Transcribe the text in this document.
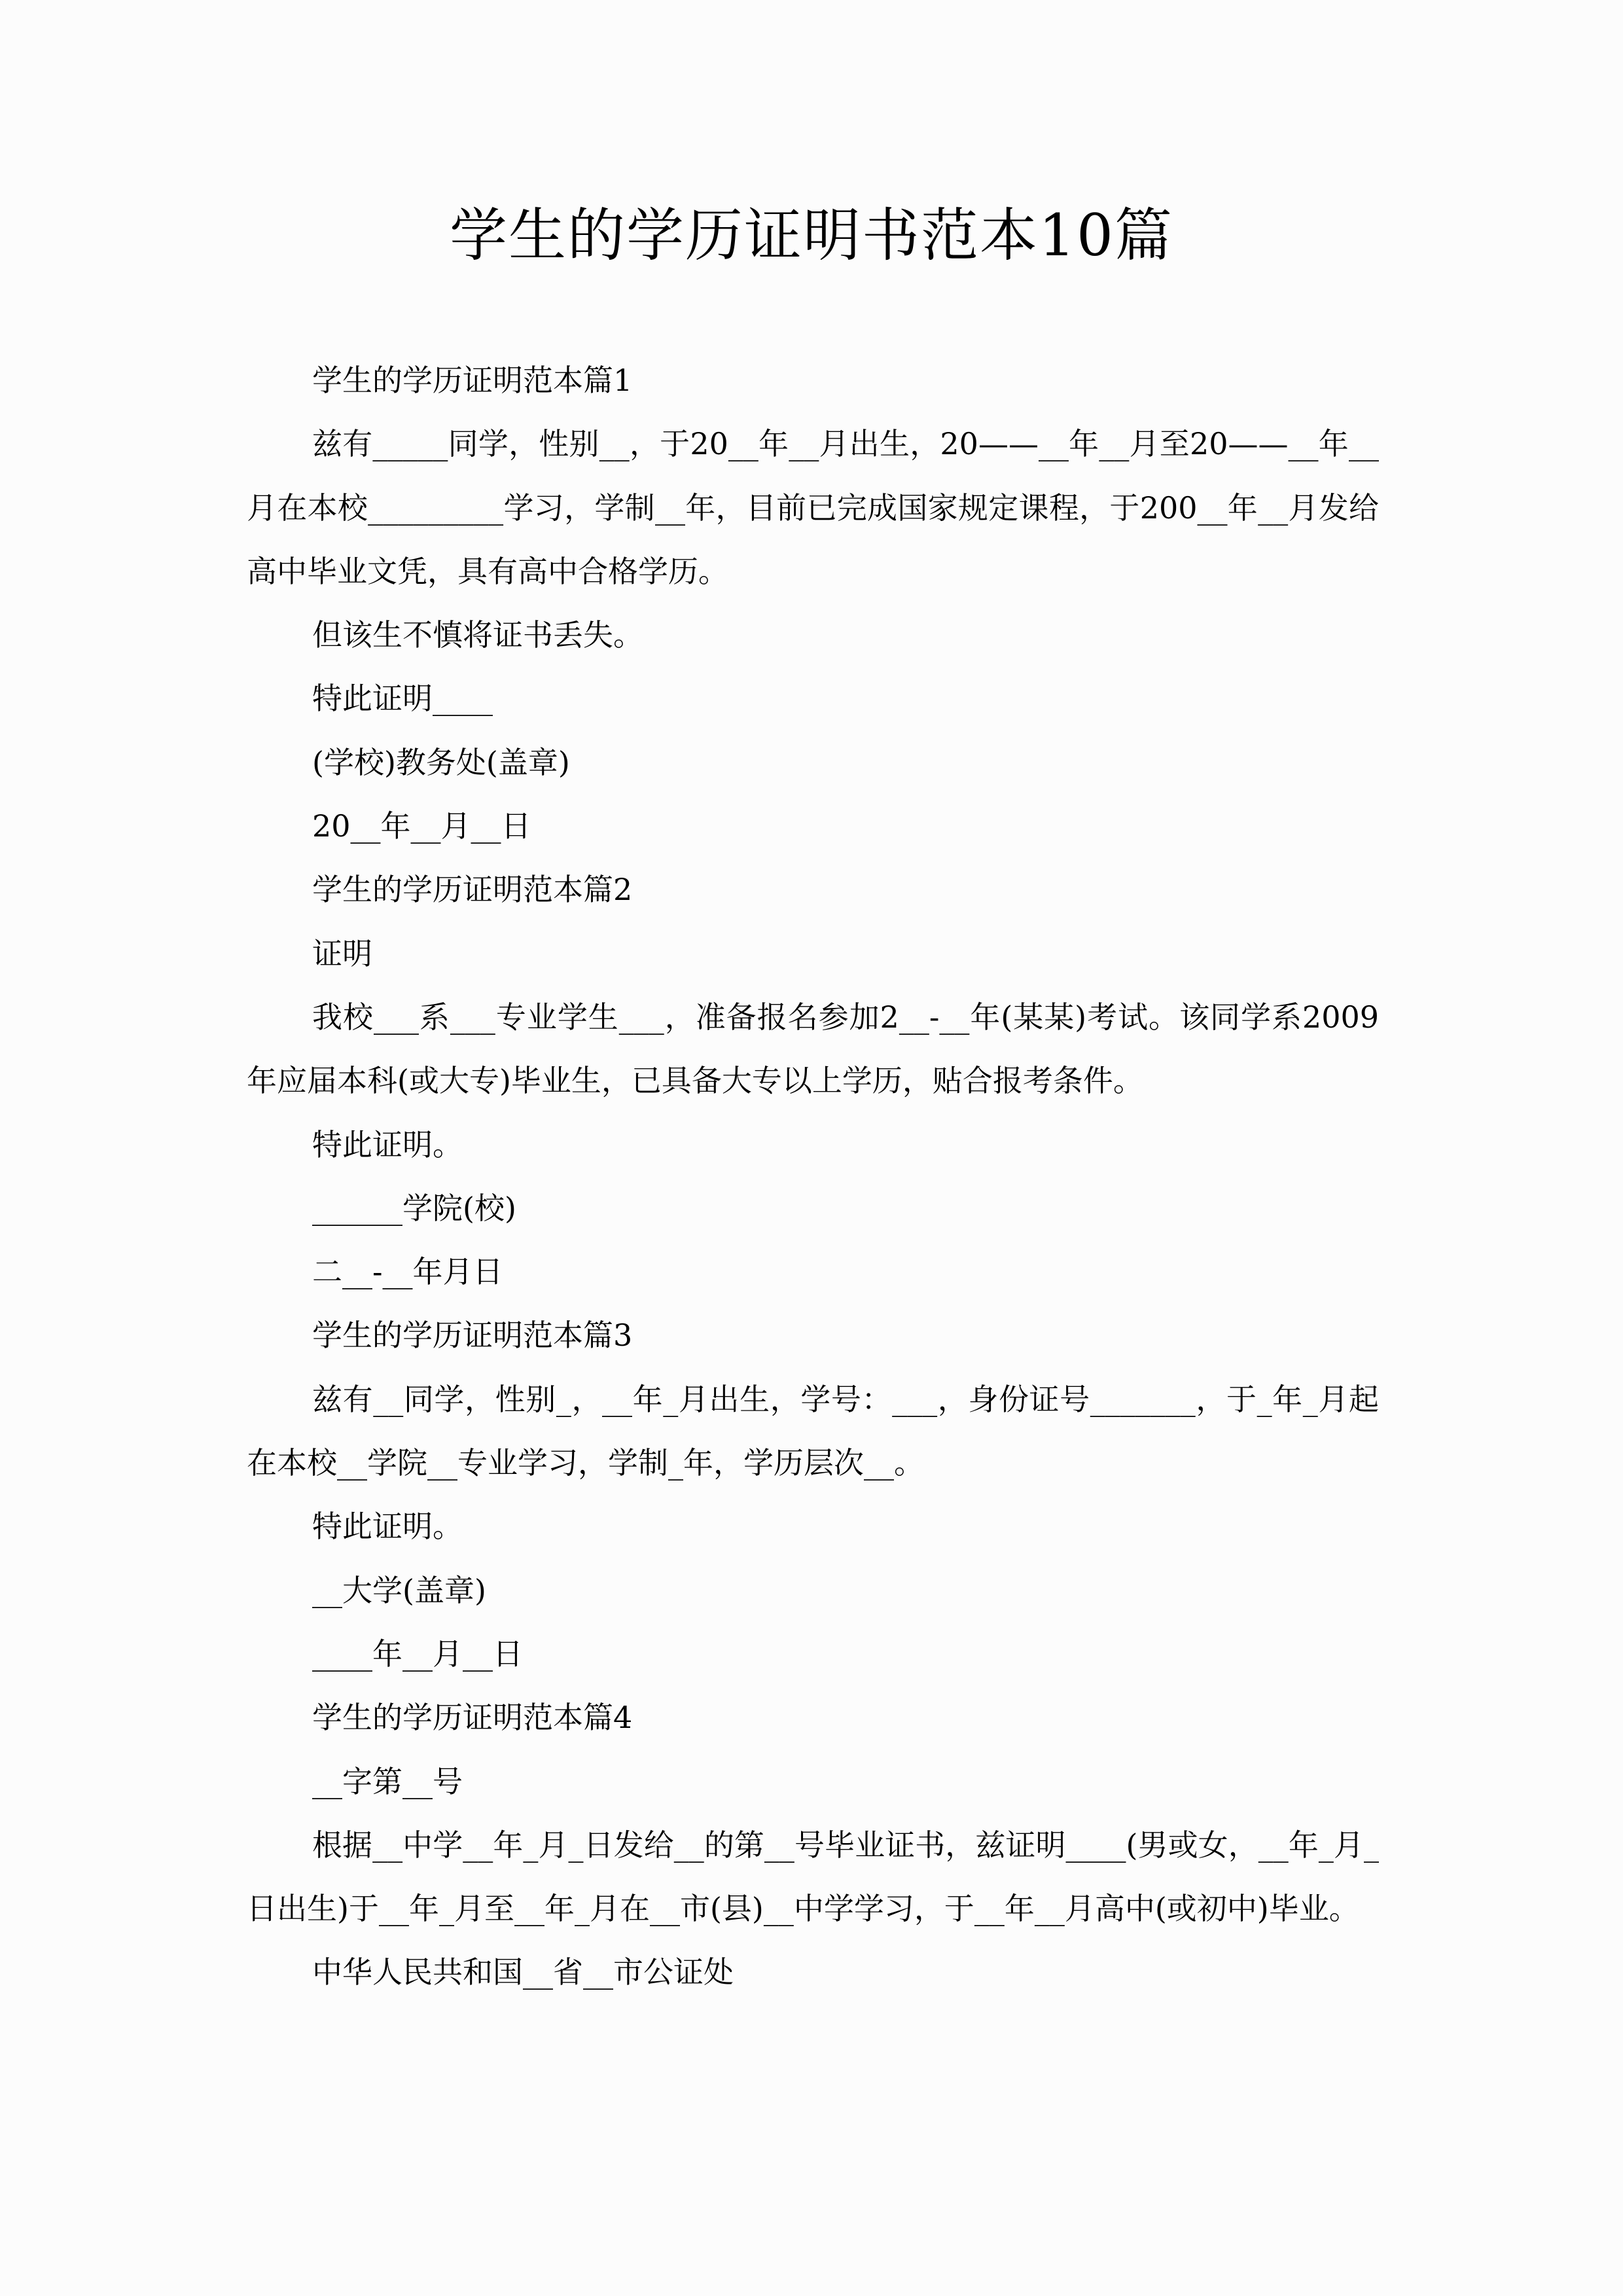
学生的学历证明书范本10篇

学生的学历证明范本篇1

兹有_____同学，性别__，于20__年__月出生，20——__年__月至20——__年__月在本校_________学习，学制__年，目前已完成国家规定课程，于200__年__月发给高中毕业文凭，具有高中合格学历。

但该生不慎将证书丢失。

特此证明____

(学校)教务处(盖章)

20__年__月__日

学生的学历证明范本篇2

证明

我校___系___专业学生___，准备报名参加2__-__年(某某)考试。该同学系2009年应届本科(或大专)毕业生，已具备大专以上学历，贴合报考条件。

特此证明。

______学院(校)

二__-__年月日

学生的学历证明范本篇3

兹有__同学，性别_，__年_月出生，学号：___，身份证号_______，于_年_月起在本校__学院__专业学习，学制_年，学历层次__。

特此证明。

__大学(盖章)

____年__月__日

学生的学历证明范本篇4

__字第__号

根据__中学__年_月_日发给__的第__号毕业证书，兹证明____(男或女，__年_月_日出生)于__年_月至__年_月在__市(县)__中学学习，于__年__月高中(或初中)毕业。

中华人民共和国__省__市公证处
